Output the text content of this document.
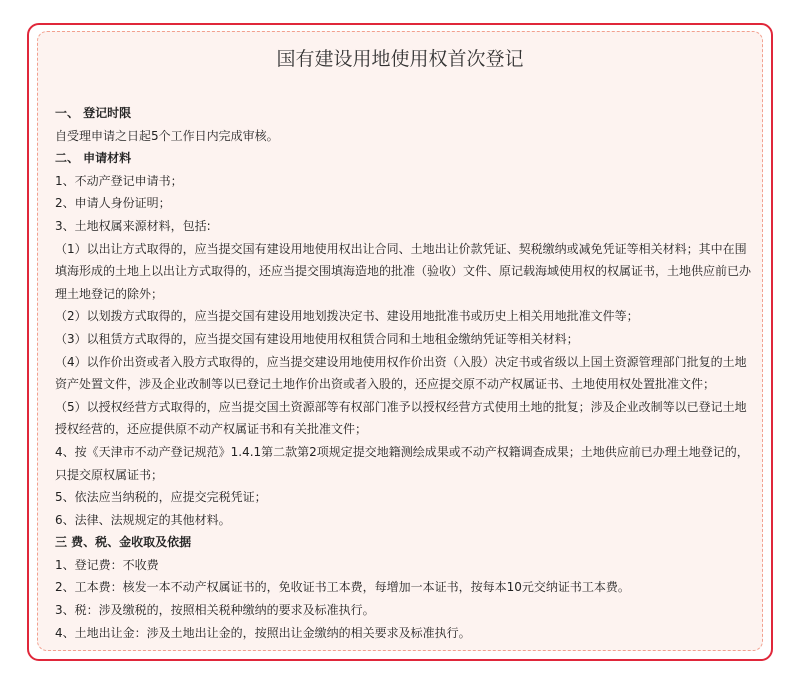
国有建设用地使用权首次登记
一、 登记时限
自受理申请之日起5个工作日内完成审核。
二、 申请材料
1、不动产登记申请书；
2、申请人身份证明；
3、土地权属来源材料，包括:
（1）以出让方式取得的，应当提交国有建设用地使用权出让合同、土地出让价款凭证、契税缴纳或减免凭证等相关材料；其中在围填海形成的土地上以出让方式取得的，还应当提交围填海造地的批准（验收）文件、原记载海域使用权的权属证书，土地供应前已办理土地登记的除外；
（2）以划拨方式取得的，应当提交国有建设用地划拨决定书、建设用地批准书或历史上相关用地批准文件等；
（3）以租赁方式取得的，应当提交国有建设用地使用权租赁合同和土地租金缴纳凭证等相关材料；
（4）以作价出资或者入股方式取得的，应当提交建设用地使用权作价出资（入股）决定书或省级以上国土资源管理部门批复的土地资产处置文件，涉及企业改制等以已登记土地作价出资或者入股的，还应提交原不动产权属证书、土地使用权处置批准文件；
（5）以授权经营方式取得的，应当提交国土资源部等有权部门准予以授权经营方式使用土地的批复；涉及企业改制等以已登记土地授权经营的，还应提供原不动产权属证书和有关批准文件；
4、按《天津市不动产登记规范》1.4.1第二款第2项规定提交地籍测绘成果或不动产权籍调查成果；土地供应前已办理土地登记的，只提交原权属证书；
5、依法应当纳税的，应提交完税凭证；
6、法律、法规规定的其他材料。
三 费、税、金收取及依据
1、登记费：不收费
2、工本费：核发一本不动产权属证书的，免收证书工本费，每增加一本证书，按每本10元交纳证书工本费。
3、税：涉及缴税的，按照相关税种缴纳的要求及标准执行。
4、土地出让金：涉及土地出让金的，按照出让金缴纳的相关要求及标准执行。
